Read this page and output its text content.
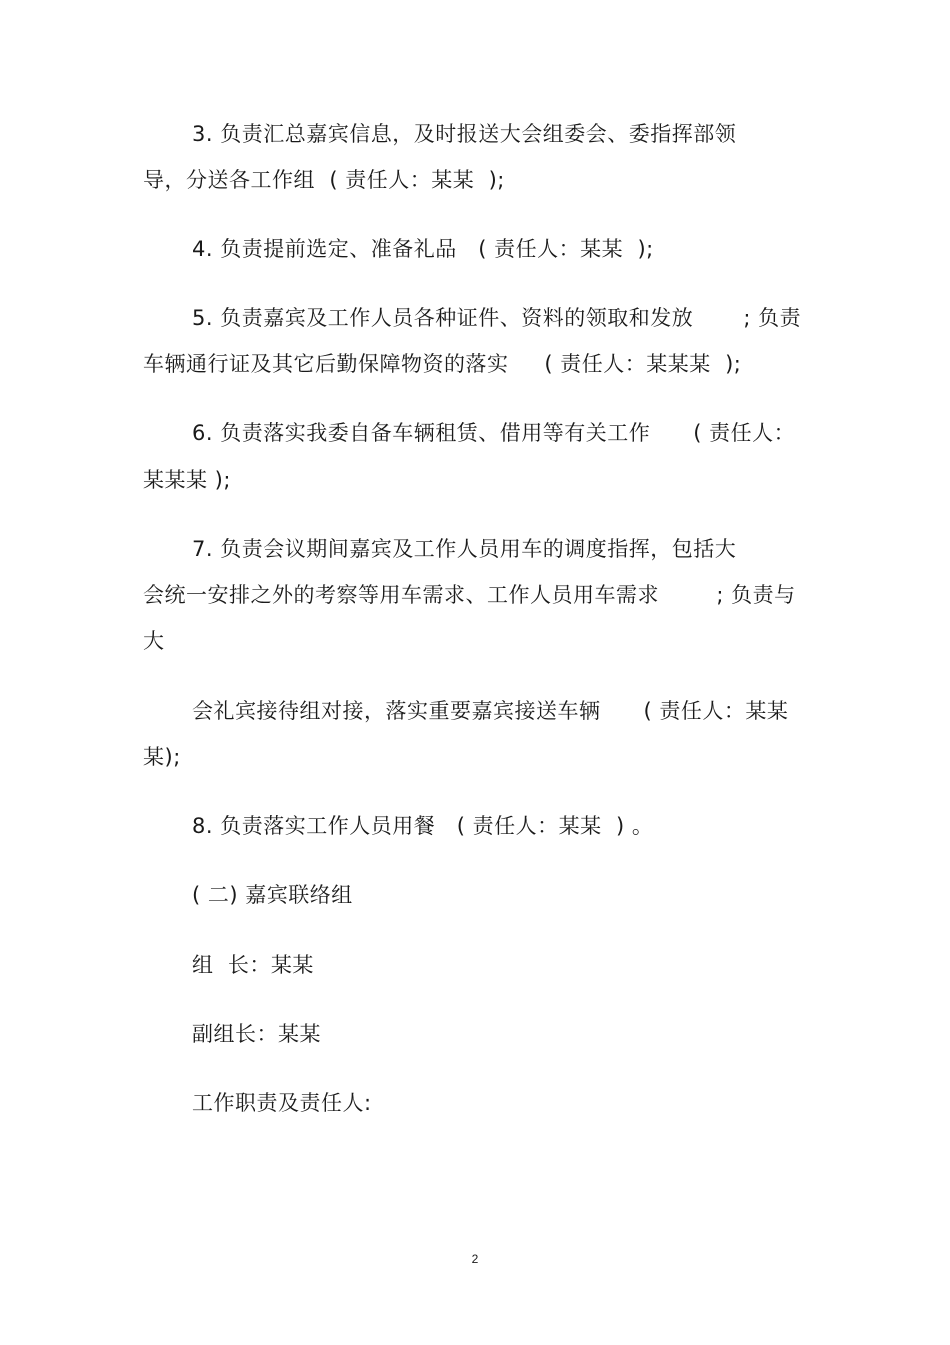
3. 负责汇总嘉宾信息，及时报送大会组委会、委指挥部领
导，分送各工作组  ( 责任人：某某  );
4. 负责提前选定、准备礼品   ( 责任人：某某  );
5. 负责嘉宾及工作人员各种证件、资料的领取和发放       ; 负责
车辆通行证及其它后勤保障物资的落实     ( 责任人：某某某  );
6. 负责落实我委自备车辆租赁、借用等有关工作      ( 责任人：
某某某 );
7. 负责会议期间嘉宾及工作人员用车的调度指挥，包括大
会统一安排之外的考察等用车需求、工作人员用车需求        ; 负责与
大
会礼宾接待组对接，落实重要嘉宾接送车辆      ( 责任人：某某
某);
8. 负责落实工作人员用餐   ( 责任人：某某  ) 。
( 二) 嘉宾联络组
组  长：某某
副组长：某某
工作职责及责任人:
2
